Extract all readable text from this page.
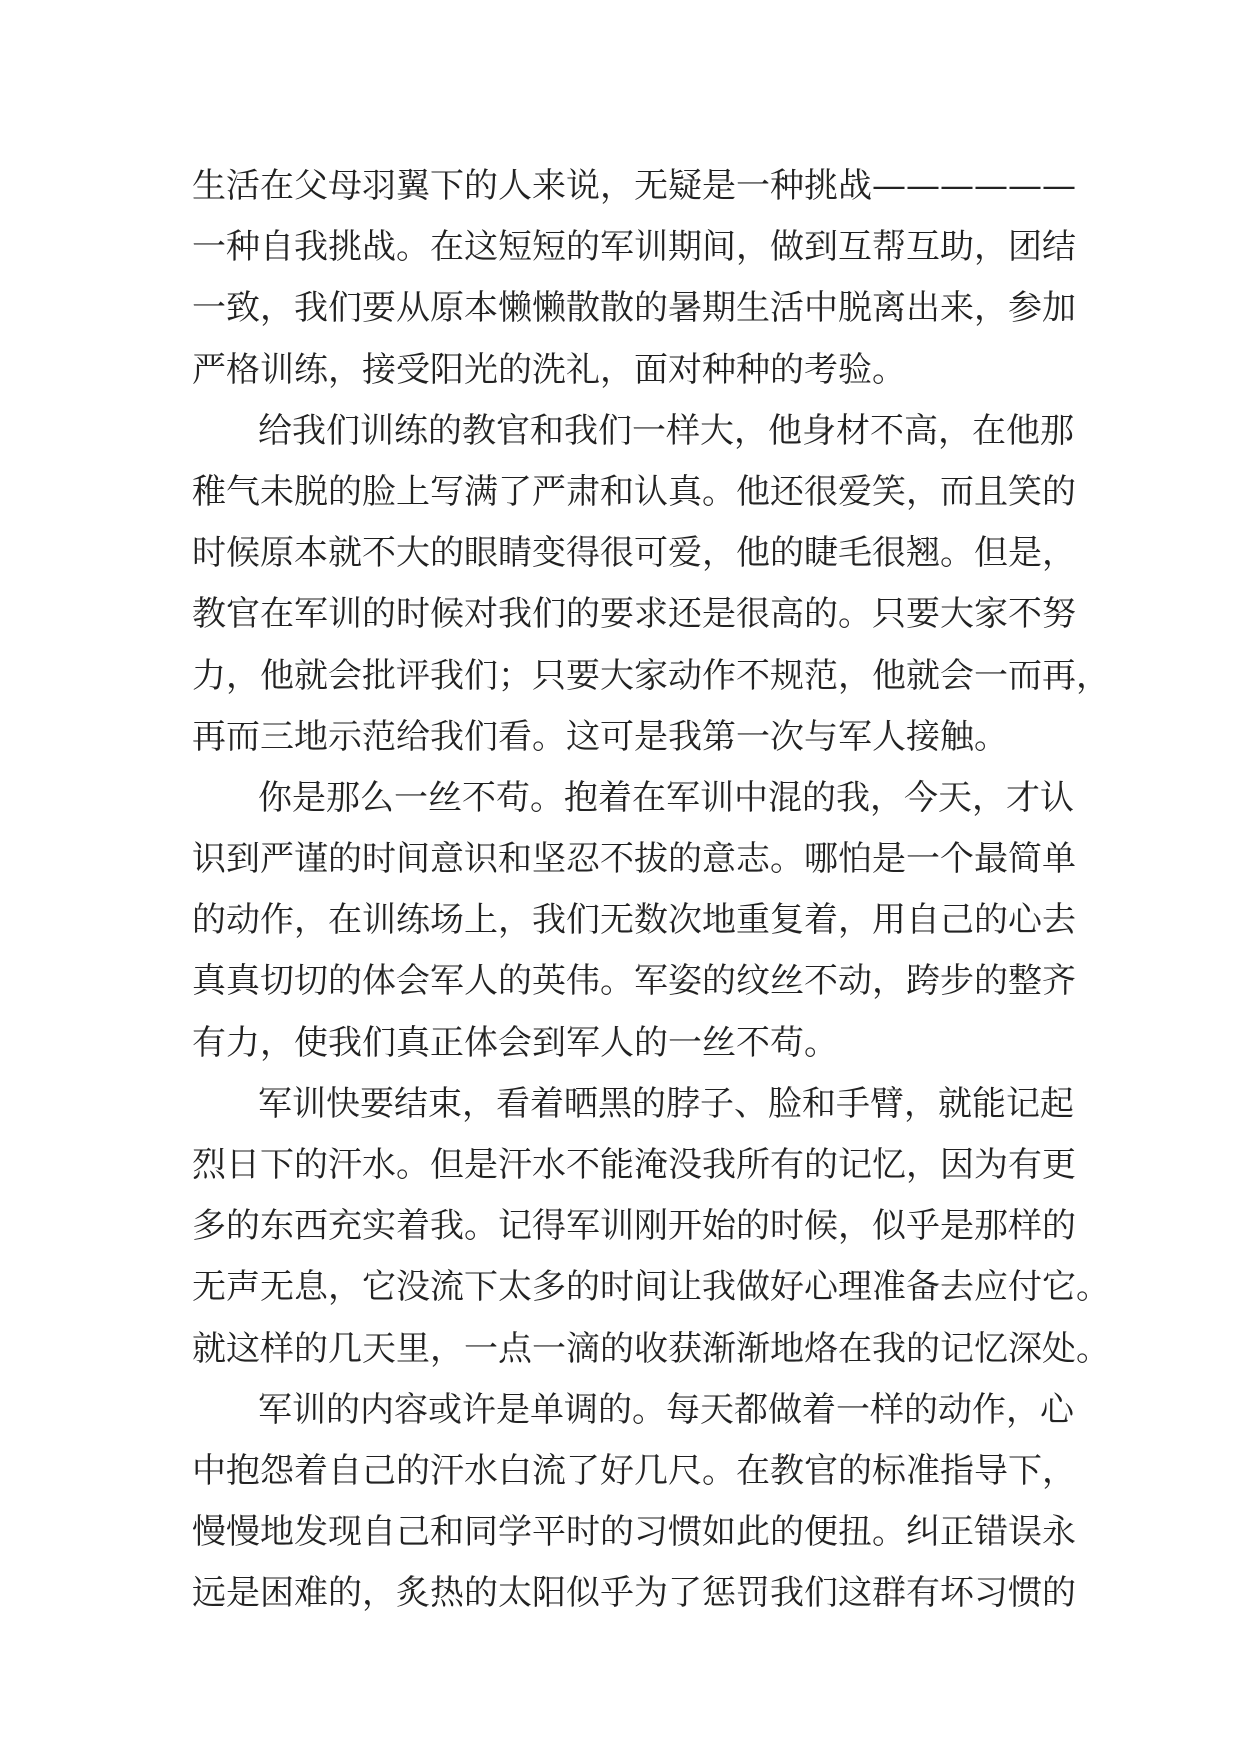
生活在父母羽翼下的人来说，无疑是一种挑战——————
一种自我挑战。在这短短的军训期间，做到互帮互助，团结
一致，我们要从原本懒懒散散的暑期生活中脱离出来，参加
严格训练，接受阳光的洗礼，面对种种的考验。
给我们训练的教官和我们一样大，他身材不高，在他那
稚气未脱的脸上写满了严肃和认真。他还很爱笑，而且笑的
时候原本就不大的眼睛变得很可爱，他的睫毛很翘。但是，
教官在军训的时候对我们的要求还是很高的。只要大家不努
力，他就会批评我们；只要大家动作不规范，他就会一而再，
再而三地示范给我们看。这可是我第一次与军人接触。
你是那么一丝不苟。抱着在军训中混的我，今天，才认
识到严谨的时间意识和坚忍不拔的意志。哪怕是一个最简单
的动作，在训练场上，我们无数次地重复着，用自己的心去
真真切切的体会军人的英伟。军姿的纹丝不动，跨步的整齐
有力，使我们真正体会到军人的一丝不苟。
军训快要结束，看着晒黑的脖子、脸和手臂，就能记起
烈日下的汗水。但是汗水不能淹没我所有的记忆，因为有更
多的东西充实着我。记得军训刚开始的时候，似乎是那样的
无声无息，它没流下太多的时间让我做好心理准备去应付它。
就这样的几天里，一点一滴的收获渐渐地烙在我的记忆深处。
军训的内容或许是单调的。每天都做着一样的动作，心
中抱怨着自己的汗水白流了好几尺。在教官的标准指导下，
慢慢地发现自己和同学平时的习惯如此的便扭。纠正错误永
远是困难的，炙热的太阳似乎为了惩罚我们这群有坏习惯的
